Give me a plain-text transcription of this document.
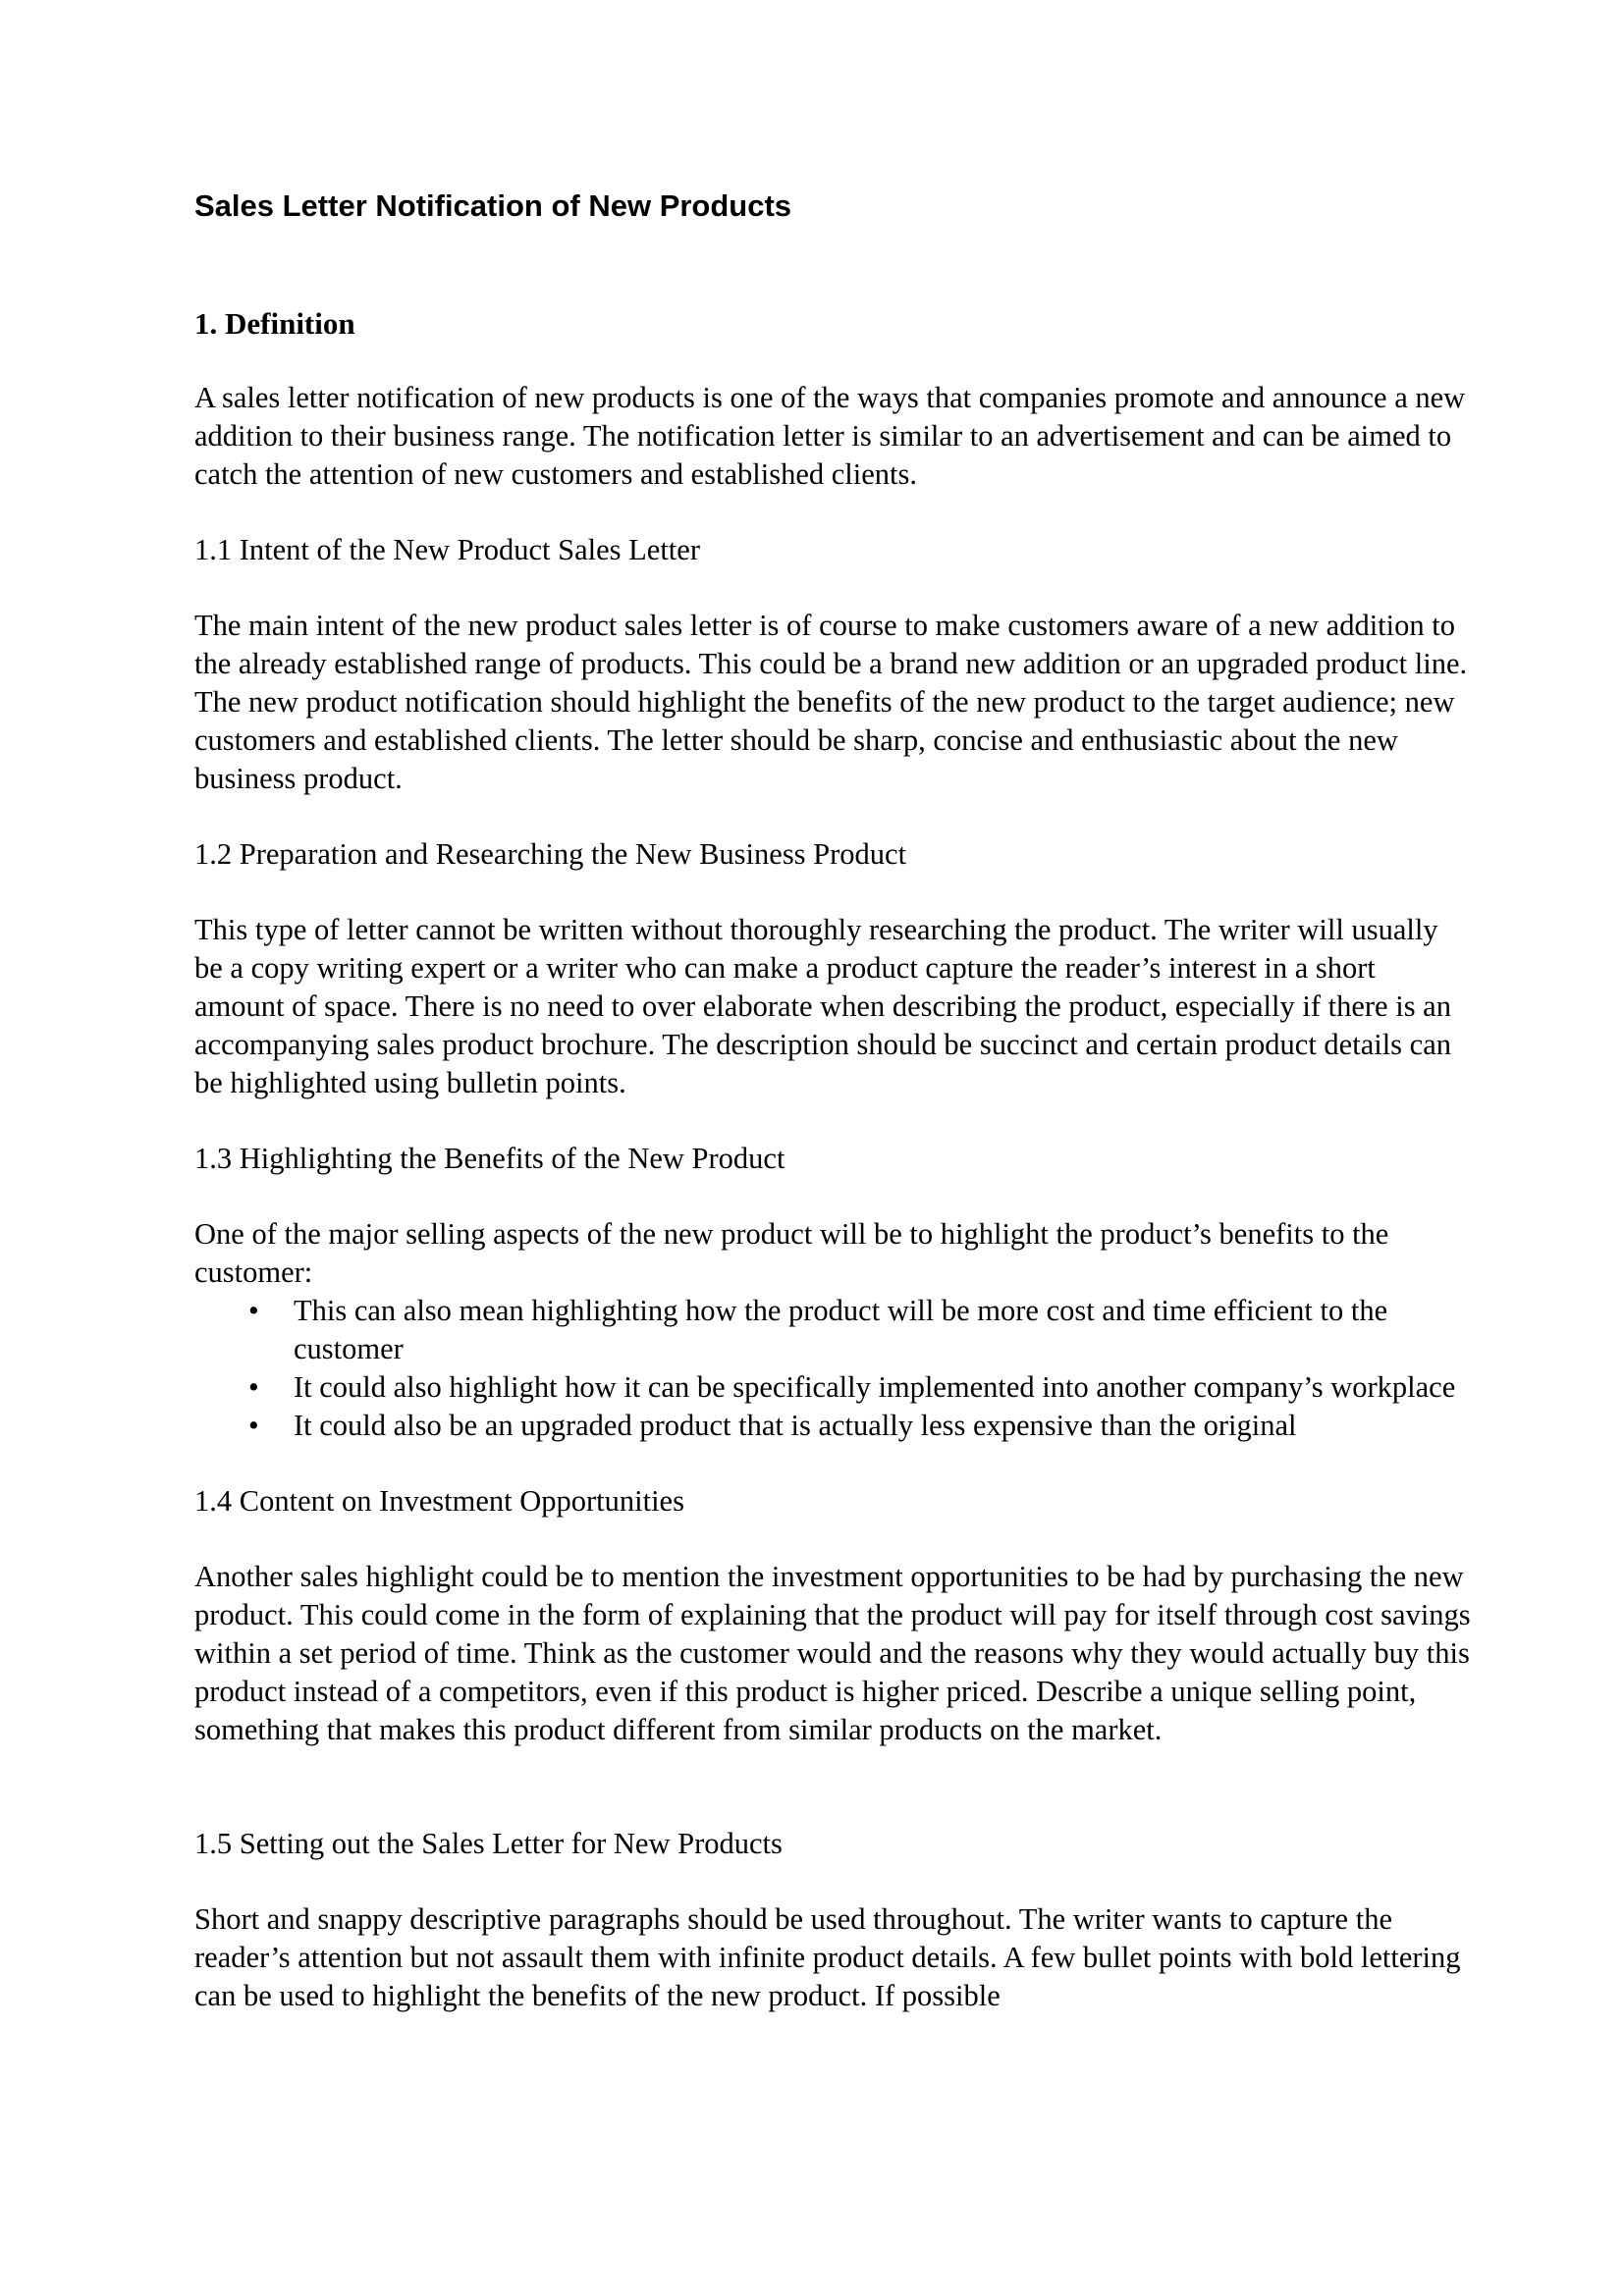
Sales Letter Notification of New Products
1. Definition
A sales letter notification of new products is one of the ways that companies promote and announce a new addition to their business range. The notification letter is similar to an advertisement and can be aimed to catch the attention of new customers and established clients.
1.1 Intent of the New Product Sales Letter
The main intent of the new product sales letter is of course to make customers aware of a new addition to the already established range of products. This could be a brand new addition or an upgraded product line. The new product notification should highlight the benefits of the new product to the target audience; new customers and established clients. The letter should be sharp, concise and enthusiastic about the new business product.
1.2 Preparation and Researching the New Business Product
This type of letter cannot be written without thoroughly researching the product. The writer will usually be a copy writing expert or a writer who can make a product capture the reader’s interest in a short amount of space. There is no need to over elaborate when describing the product, especially if there is an accompanying sales product brochure. The description should be succinct and certain product details can be highlighted using bulletin points.
1.3 Highlighting the Benefits of the New Product
One of the major selling aspects of the new product will be to highlight the product’s benefits to the customer:
• This can also mean highlighting how the product will be more cost and time efficient to the customer
• It could also highlight how it can be specifically implemented into another company’s workplace
• It could also be an upgraded product that is actually less expensive than the original
1.4 Content on Investment Opportunities
Another sales highlight could be to mention the investment opportunities to be had by purchasing the new product. This could come in the form of explaining that the product will pay for itself through cost savings within a set period of time. Think as the customer would and the reasons why they would actually buy this product instead of a competitors, even if this product is higher priced. Describe a unique selling point, something that makes this product different from similar products on the market.
1.5 Setting out the Sales Letter for New Products
Short and snappy descriptive paragraphs should be used throughout. The writer wants to capture the reader’s attention but not assault them with infinite product details. A few bullet points with bold lettering can be used to highlight the benefits of the new product. If possible
